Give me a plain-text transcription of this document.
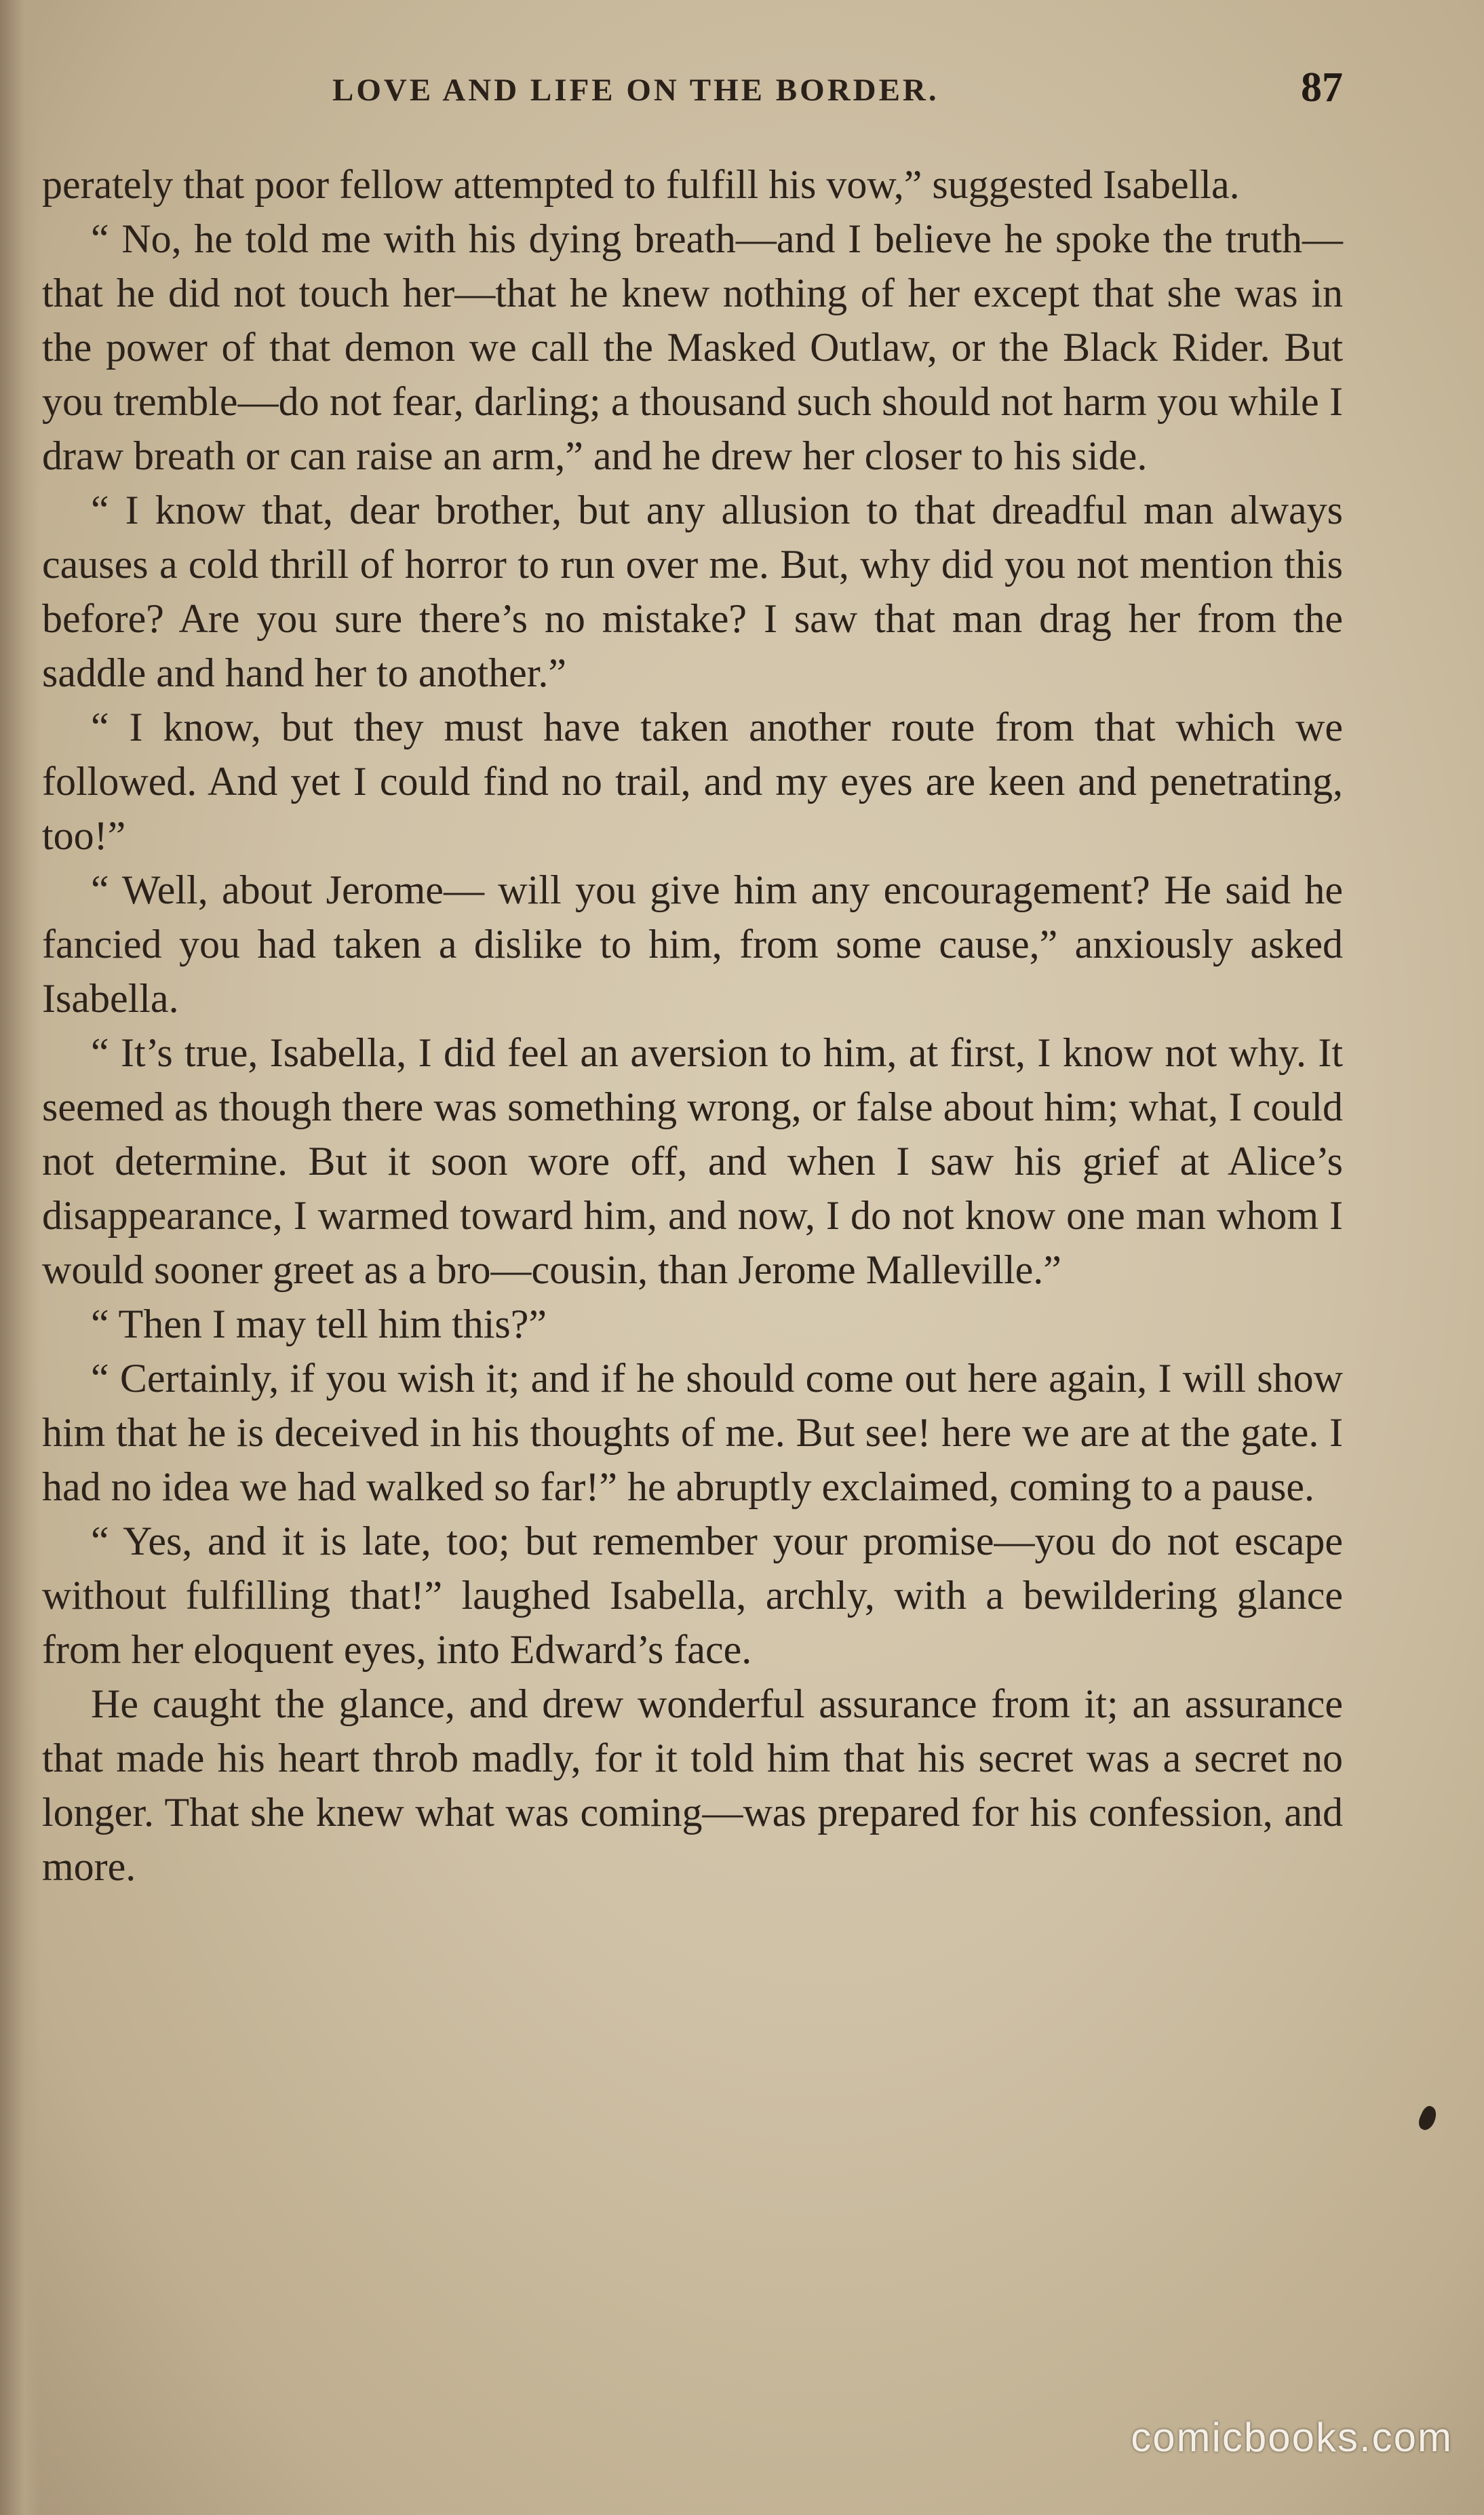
LOVE AND LIFE ON THE BORDER.	87

perately that poor fellow attempted to fulfill his vow,” suggested Isabella.

“ No, he told me with his dying breath—and I believe he spoke the truth—that he did not touch her—that he knew nothing of her except that she was in the power of that demon we call the Masked Outlaw, or the Black Rider. But you tremble—do not fear, darling; a thousand such should not harm you while I draw breath or can raise an arm,” and he drew her closer to his side.

“ I know that, dear brother, but any allusion to that dreadful man always causes a cold thrill of horror to run over me. But, why did you not mention this before? Are you sure there’s no mistake? I saw that man drag her from the saddle and hand her to another.”

“ I know, but they must have taken another route from that which we followed. And yet I could find no trail, and my eyes are keen and penetrating, too!”

“ Well, about Jerome— will you give him any encouragement? He said he fancied you had taken a dislike to him, from some cause,” anxiously asked Isabella.

“ It’s true, Isabella, I did feel an aversion to him, at first, I know not why. It seemed as though there was something wrong, or false about him; what, I could not determine. But it soon wore off, and when I saw his grief at Alice’s disappearance, I warmed toward him, and now, I do not know one man whom I would sooner greet as a bro—cousin, than Jerome Malleville.”

“ Then I may tell him this?”

“ Certainly, if you wish it; and if he should come out here again, I will show him that he is deceived in his thoughts of me. But see! here we are at the gate. I had no idea we had walked so far!” he abruptly exclaimed, coming to a pause.

“ Yes, and it is late, too; but remember your promise—you do not escape without fulfilling that!” laughed Isabella, archly, with a bewildering glance from her eloquent eyes, into Edward’s face.

He caught the glance, and drew wonderful assurance from it; an assurance that made his heart throb madly, for it told him that his secret was a secret no longer. That she knew what was coming—was prepared for his confession, and more.

comicbooks.com
